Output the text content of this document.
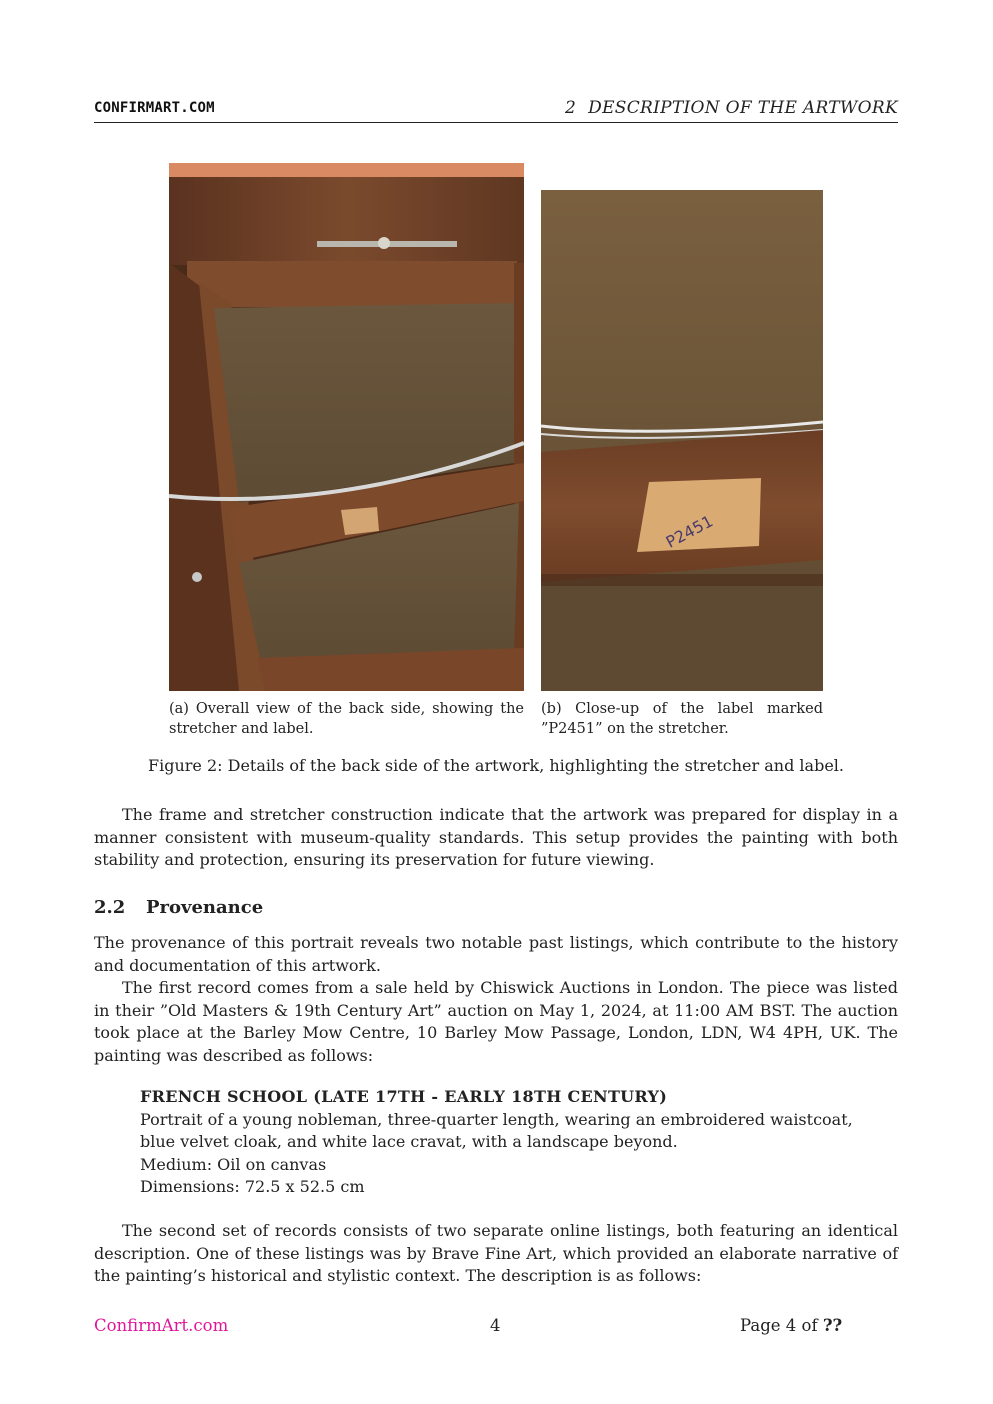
CONFIRMART.COM	2 DESCRIPTION OF THE ARTWORK
P2451
(a) Overall view of the back side, showing the stretcher and label.
(b) Close-up of the label marked ”P2451” on the stretcher.
Figure 2: Details of the back side of the artwork, highlighting the stretcher and label.

The frame and stretcher construction indicate that the artwork was prepared for display in a manner consistent with museum-quality standards. This setup provides the painting with both stability and protection, ensuring its preservation for future viewing.

2.2 Provenance

The provenance of this portrait reveals two notable past listings, which contribute to the history and documentation of this artwork.

The first record comes from a sale held by Chiswick Auctions in London. The piece was listed in their ”Old Masters & 19th Century Art” auction on May 1, 2024, at 11:00 AM BST. The auction took place at the Barley Mow Centre, 10 Barley Mow Passage, London, LDN, W4 4PH, UK. The painting was described as follows:

FRENCH SCHOOL (LATE 17TH - EARLY 18TH CENTURY)
Portrait of a young nobleman, three-quarter length, wearing an embroidered waistcoat,
blue velvet cloak, and white lace cravat, with a landscape beyond.
Medium: Oil on canvas
Dimensions: 72.5 x 52.5 cm

The second set of records consists of two separate online listings, both featuring an identical description. One of these listings was by Brave Fine Art, which provided an elaborate narrative of the painting’s historical and stylistic context. The description is as follows:

ConfirmArt.com	4	Page 4 of ??
